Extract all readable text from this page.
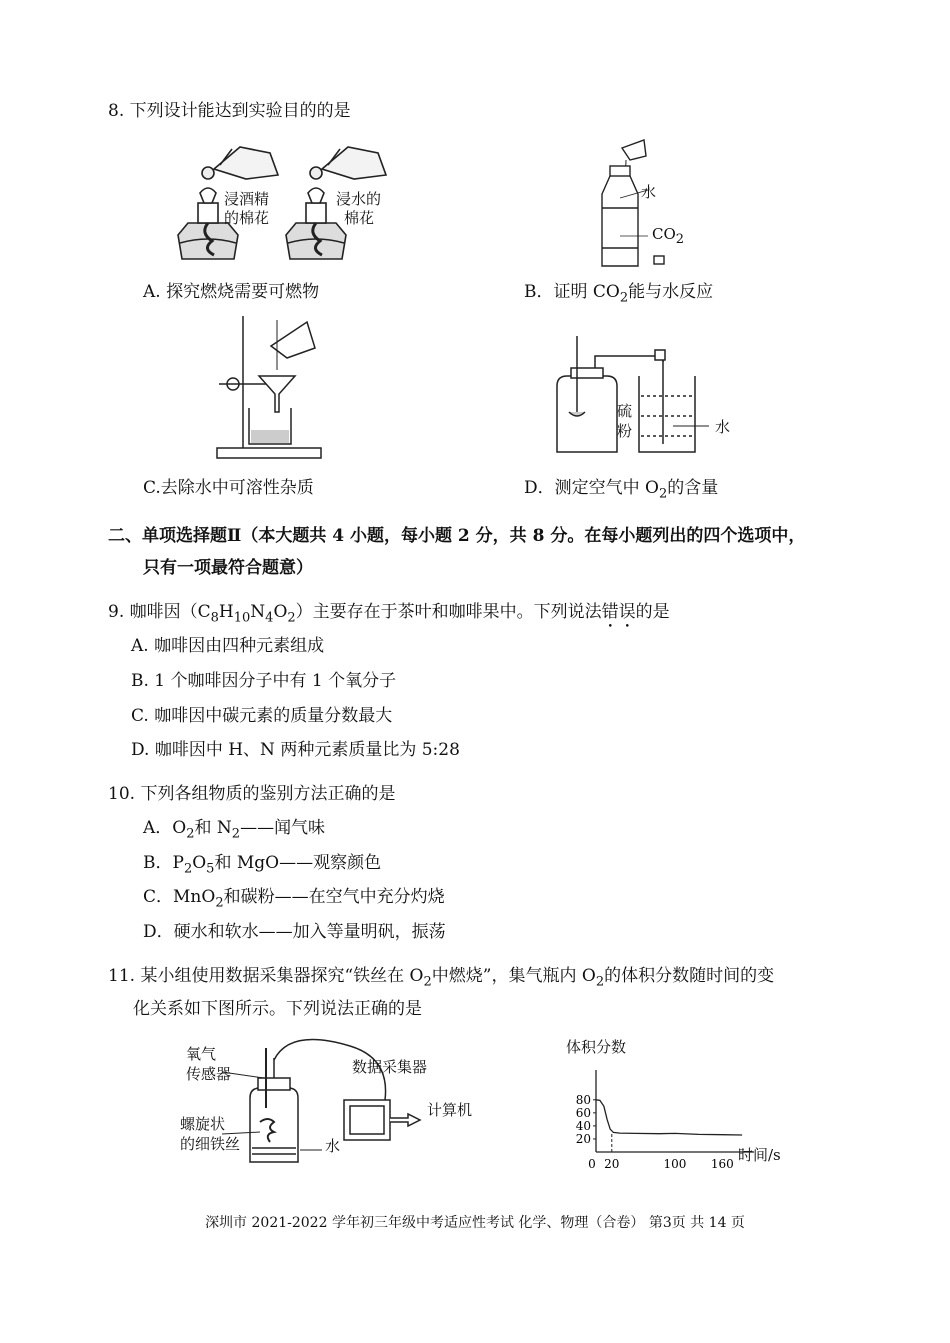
8. 下列设计能达到实验目的的是
浸酒精
的棉花
浸水的
棉花
A. 探究燃烧需要可燃物
水
$CO_2$
B．证明 $CO_2$能与水反应
C.去除水中可溶性杂质
硫
粉	水
D．测定空气中 $O_2$的含量
二、单项选择题Ⅱ（本大题共 4 小题，每小题 2 分，共 8 分。在每小题列出的四个选项中，
只有一项最符合题意）
9. 咖啡因$(C_8H_{10}N_4O_2)$主要存在于茶叶和咖啡果中。下列说法错误的是
A. 咖啡因由四种元素组成
B. 1 个咖啡因分子中有 1 个氧分子
C. 咖啡因中碳元素的质量分数最大
D. 咖啡因中 H、N 两种元素质量比为 5:28
10. 下列各组物质的鉴别方法正确的是
A．$O_2$和 $N_2——$闻气味
B．$P_2O_5$和 MgO——观察颜色
C．MnO$_2$和碳粉——在空气中充分灼烧
D．硬水和软水——加入等量明矾，振荡
11. 某小组使用数据采集器探究“铁丝在 $O_2$中燃烧”，集气瓶内 $O_2$的体积分数随时间的变
化关系如下图所示。下列说法正确的是
氧气
传感器	数据采集器
计算机
螺旋状
的细铁丝	水
体积分数
时间/s
20
40
60
80
0 20	100 160
深圳市 2021-2022 学年初三年级中考适应性考试 化学、物理（合卷） 第3页 共 14 页
